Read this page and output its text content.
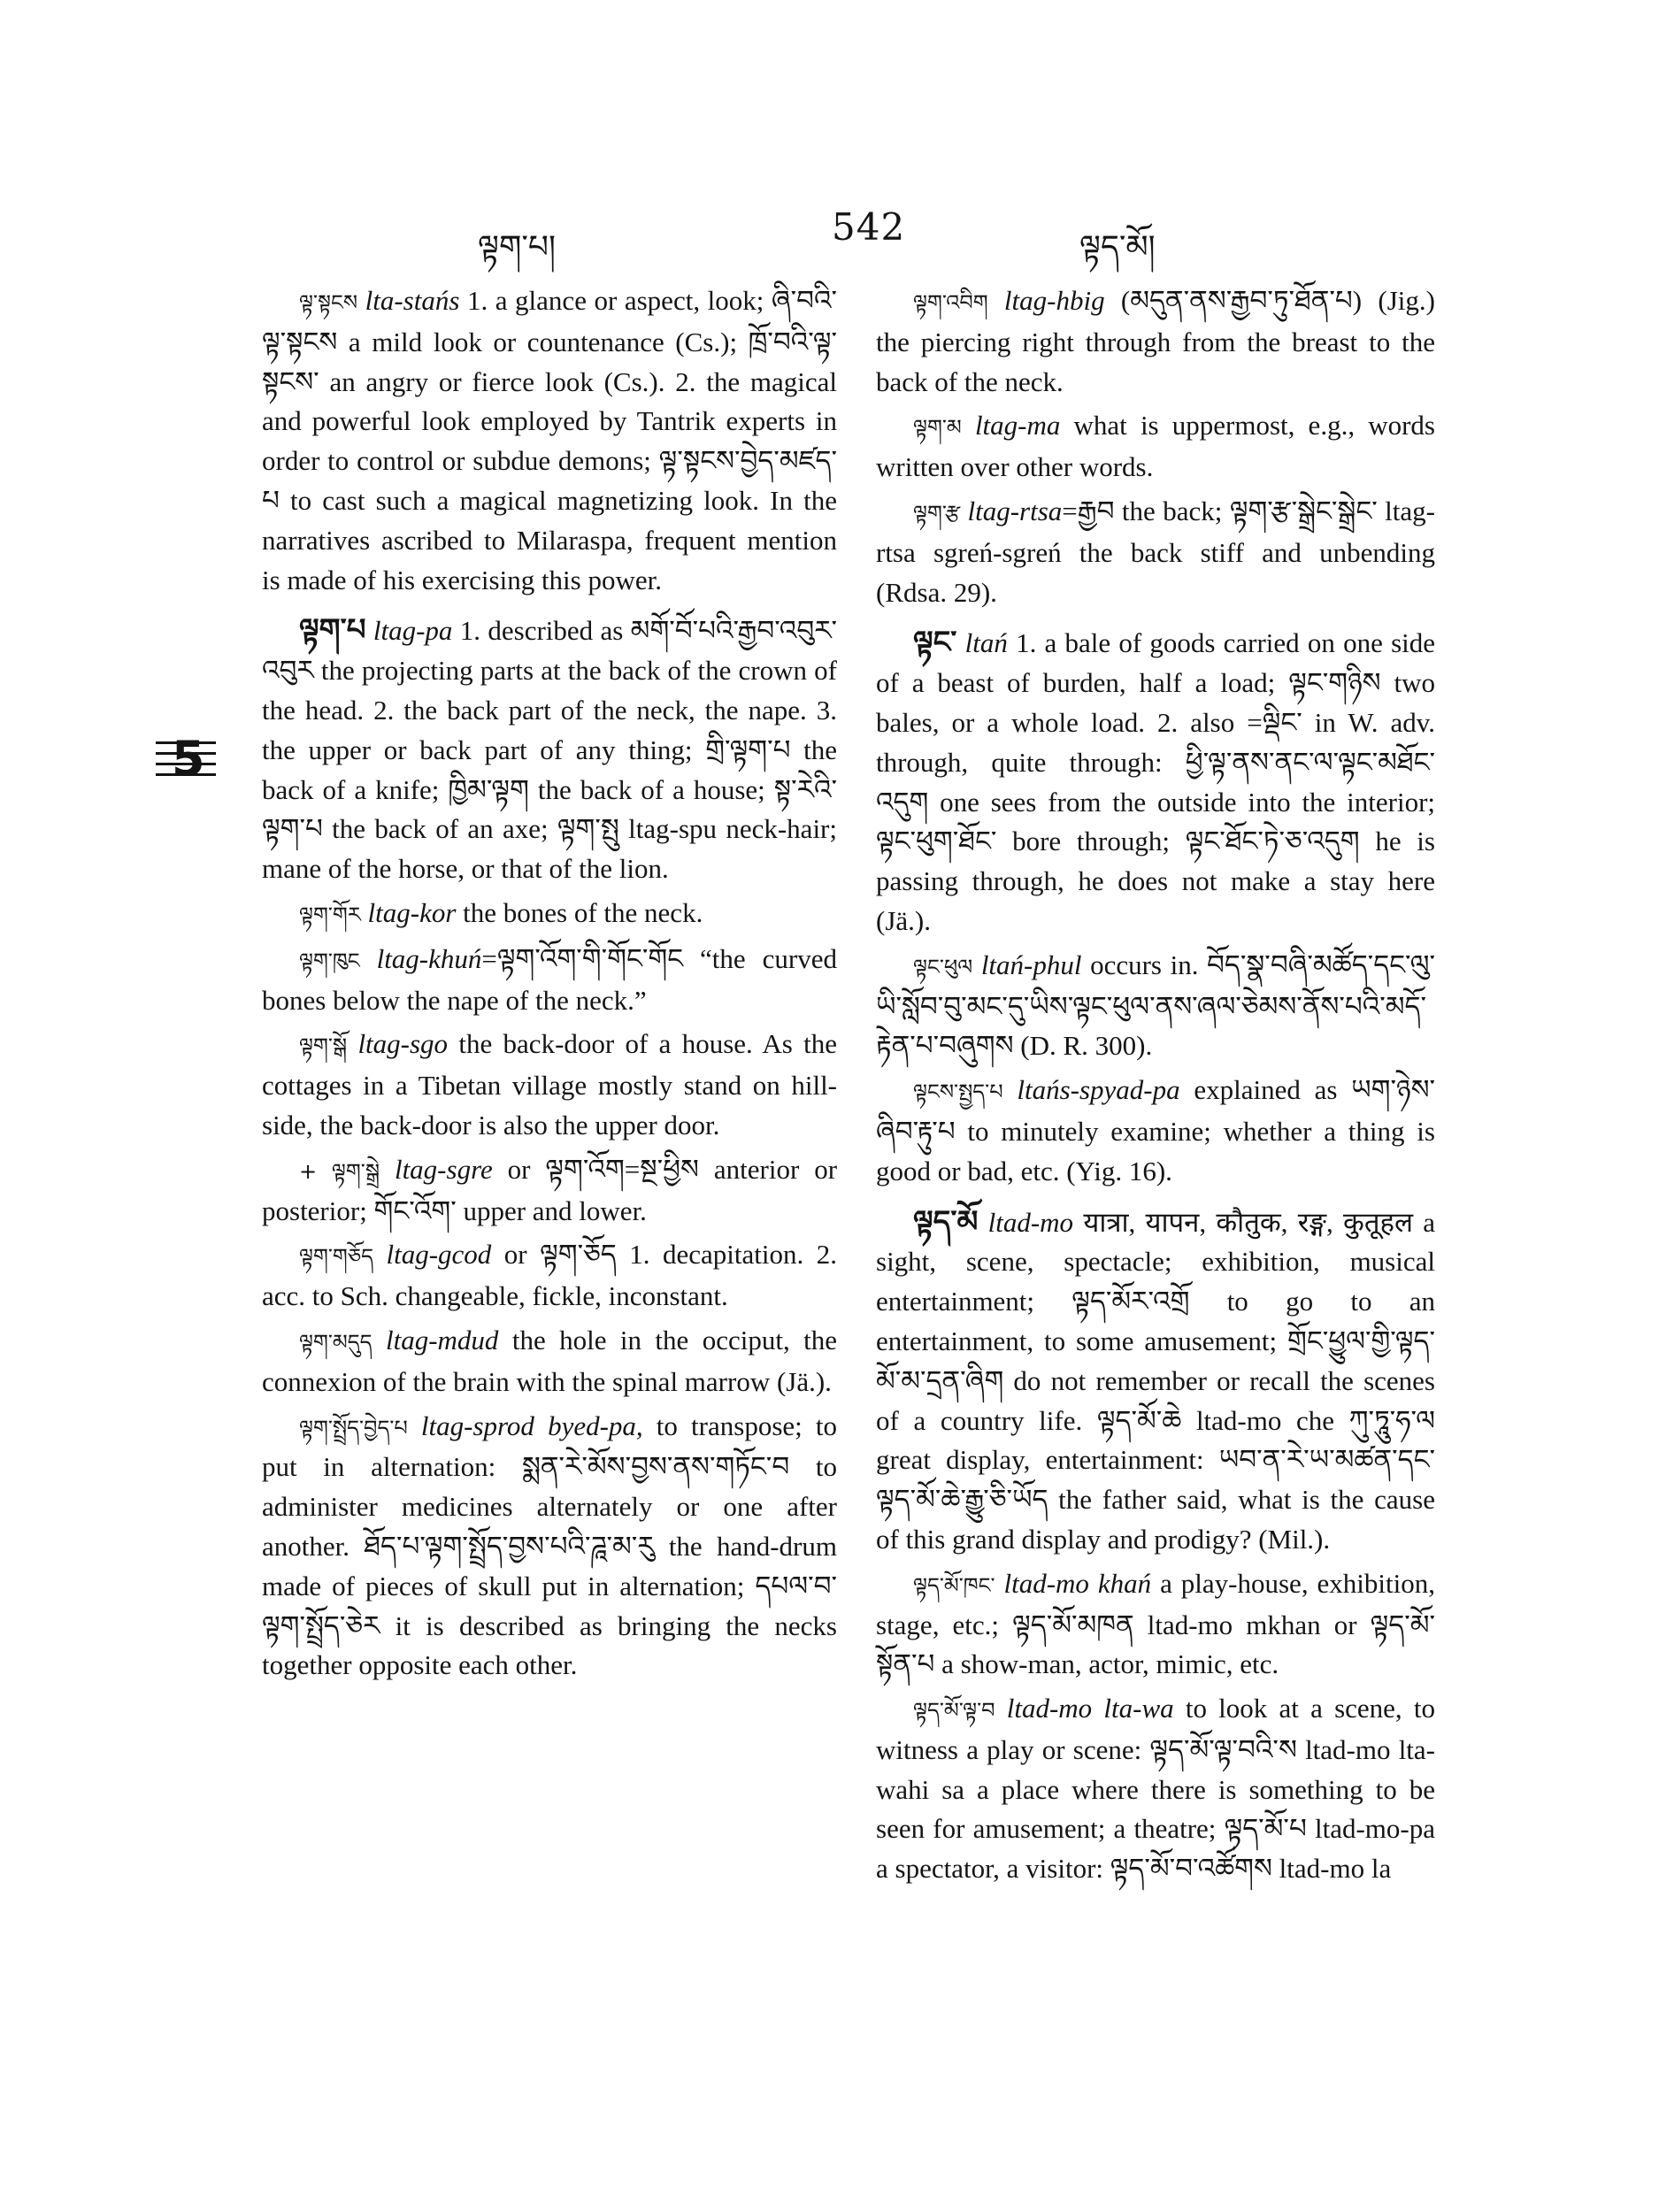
ལྟག་པ།	542	ལྟད་མོ།
5

ལྟ་སྟངས lta-stańs 1. a glance or aspect, look; ཞི་བའི་ལྟ་སྟངས a mild look or countenance (Cs.); ཁྲོ་བའི་ལྟ་སྟངས་ an angry or fierce look (Cs.). 2. the magical and powerful look employed by Tantrik experts in order to control or subdue demons; ལྟ་སྟངས་བྱེད་མཛད་པ to cast such a magical magnetizing look. In the narratives ascribed to Milaraspa, frequent mention is made of his exercising this power.

ལྟག་པ ltag-pa 1. described as མགོ་བོ་པའི་རྒྱབ་འབུར་འབུར the projecting parts at the back of the crown of the head. 2. the back part of the neck, the nape. 3. the upper or back part of any thing; གྲི་ལྟག་པ the back of a knife; ཁྱིམ་ལྟག the back of a house; སྟ་རེའི་ལྟག་པ the back of an axe; ལྟག་སྤུ ltag-spu neck-hair; mane of the horse, or that of the lion.

ལྟག་གོར ltag-kor the bones of the neck.

ལྟག་ཁུང ltag-khuń=ལྟག་འོག་གི་གོང་གོང “the curved bones below the nape of the neck.”

ལྟག་སྒོ ltag-sgo the back-door of a house. As the cottages in a Tibetan village mostly stand on hill-side, the back-door is also the upper door.

+ ལྟག་སྒྲེ ltag-sgre or ལྟག་འོག=སྔ་ཕྱིས anterior or posterior; གོང་འོག་ upper and lower.

ལྟག་གཅོད ltag-gcod or ལྟག་ཅོད 1. decapitation. 2. acc. to Sch. changeable, fickle, inconstant.

ལྟག་མདུད ltag-mdud the hole in the occiput, the connexion of the brain with the spinal marrow (Jä.).

ལྟག་སྤྲོད་བྱེད་པ ltag-sprod byed-pa, to transpose; to put in alternation: སྨན་རེ་མོས་བྱས་ནས་གཏོང་བ to administer medicines alternately or one after another. ཐོད་པ་ལྟག་སྤྲོད་བྱས་པའི་ཌཱ་མ་རུ the hand-drum made of pieces of skull put in alternation; དཔལ་བ་ལྟག་སྤྲོད་ཅེར it is described as bringing the necks together opposite each other.

ལྟག་འབིག ltag-hbig (མདུན་ནས་རྒྱབ་ཏུ་ཐོན་པ) (Jig.) the piercing right through from the breast to the back of the neck.

ལྟག་མ ltag-ma what is uppermost, e.g., words written over other words.

ལྟག་རྩ ltag-rtsa=རྒྱབ the back; ལྟག་རྩ་སྒྲེང་སྒྲེང་ ltag-rtsa sgreń-sgreń the back stiff and unbending (Rdsa. 29).

ལྟང་ ltań 1. a bale of goods carried on one side of a beast of burden, half a load; ལྟང་གཉིས two bales, or a whole load. 2. also =ལྡིང་ in W. adv. through, quite through: ཕྱི་ལྟ་ནས་ནང་ལ་ལྟང་མཐོང་འདུག one sees from the outside into the interior; ལྟང་ཕུག་ཐོང་ bore through; ལྟང་ཐོང་ཏེ་ཅ་འདུག he is passing through, he does not make a stay here (Jä.).

ལྟང་ཕུལ ltań-phul occurs in. བོད་སྣ་བཞི་མཚོད་དང་ལུ་ཡི་སློབ་བུ་མང་དུ་ཡིས་ལྟང་ཕུལ་ནས་ཞལ་ཅེམས་ནོས་པའི་མདོ་རྟེན་པ་བཞུགས (D. R. 300).

ལྟངས་སྤྱད་པ ltańs-spyad-pa explained as ཡག་ཉེས་ཞིབ་རྟུ་པ to minutely examine; whether a thing is good or bad, etc. (Yig. 16).

ལྟད་མོ ltad-mo यात्रा, यापन, कौतुक, रङ्ग, कुतूहल a sight, scene, spectacle; exhibition, musical entertainment; ལྟད་མོར་འགྲོ to go to an entertainment, to some amusement; གྲོང་ཕྱུལ་གྱི་ལྟད་མོ་མ་དྲན་ཞིག do not remember or recall the scenes of a country life. ལྟད་མོ་ཆེ ltad-mo che ཀུ་ཏཱུ་ཧ་ལ great display, entertainment: ཡབ་ན་རེ་ཡ་མཚན་དང་ལྟད་མོ་ཆེ་རྒྱུ་ཅི་ཡོད the father said, what is the cause of this grand display and prodigy? (Mil.).

ལྟད་མོ་ཁང་ ltad-mo khań a play-house, exhibition, stage, etc.; ལྟད་མོ་མཁན ltad-mo mkhan or ལྟད་མོ་སྟོན་པ a show-man, actor, mimic, etc.

ལྟད་མོ་ལྟ་བ ltad-mo lta-wa to look at a scene, to witness a play or scene: ལྟད་མོ་ལྟ་བའི་ས ltad-mo lta-wahi sa a place where there is something to be seen for amusement; a theatre; ལྟད་མོ་པ ltad-mo-pa a spectator, a visitor: ལྟད་མོ་བ་འཚོགས ltad-mo la
